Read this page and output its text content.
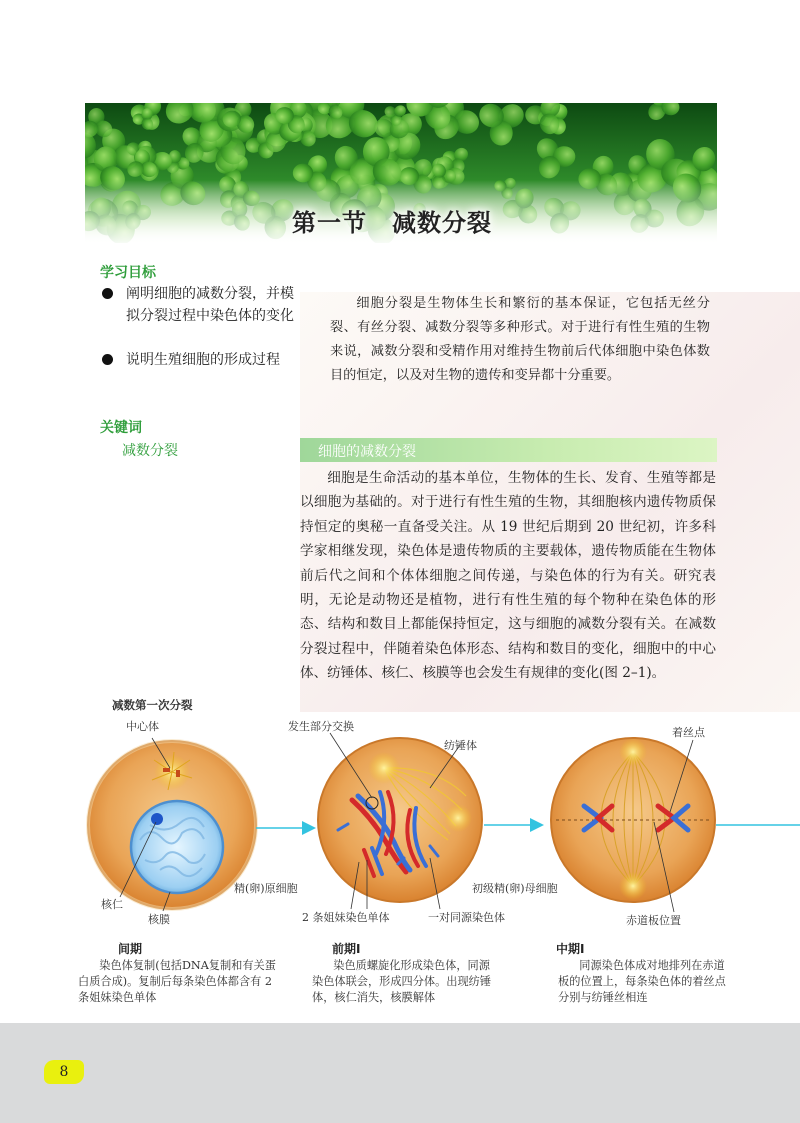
第一节　减数分裂
学习目标
阐明细胞的减数分裂，并模拟分裂过程中染色体的变化
说明生殖细胞的形成过程
关键词
减数分裂
细胞分裂是生物体生长和繁衍的基本保证，它包括无丝分裂、有丝分裂、减数分裂等多种形式。对于进行有性生殖的生物来说，减数分裂和受精作用对维持生物前后代体细胞中染色体数目的恒定，以及对生物的遗传和变异都十分重要。
细胞的减数分裂
细胞是生命活动的基本单位，生物体的生长、发育、生殖等都是以细胞为基础的。对于进行有性生殖的生物，其细胞核内遗传物质保持恒定的奥秘一直备受关注。从 19 世纪后期到 20 世纪初，许多科学家相继发现，染色体是遗传物质的主要载体，遗传物质能在生物体前后代之间和个体体细胞之间传递，与染色体的行为有关。研究表明，无论是动物还是植物，进行有性生殖的每个物种在染色体的形态、结构和数目上都能保持恒定，这与细胞的减数分裂有关。在减数分裂过程中，伴随着染色体形态、结构和数目的变化，细胞中的中心体、纺锤体、核仁、核膜等也会发生有规律的变化(图 2–1)。
减数第一次分裂
中心体	发生部分交换
纺锤体
着丝点
精(卵)原细胞	初级精(卵)母细胞
核仁
核膜	2 条姐妹染色单体	一对同源染色体	赤道板位置
间期
染色体复制(包括DNA复制和有关蛋白质合成)。复制后每条染色体都含有 2 条姐妹染色单体
前期Ⅰ
染色质螺旋化形成染色体，同源染色体联会，形成四分体。出现纺锤体，核仁消失，核膜解体
中期Ⅰ
同源染色体成对地排列在赤道板的位置上，每条染色体的着丝点分别与纺锤丝相连
8
